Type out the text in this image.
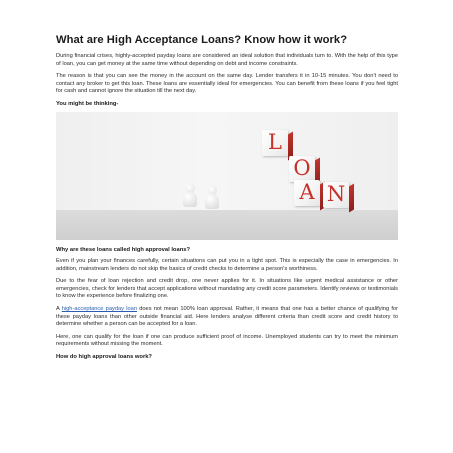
What are High Acceptance Loans? Know how it work?

During financial crises, highly-accepted payday loans are considered an ideal solution that individuals turn to. With the help of this type of loan, you can get money at the same time without depending on debt and income constraints.

The reason is that you can see the money in the account on the same day. Lender transfers it in 10-15 minutes. You don't need to contact any broker to get this loan. These loans are essentially ideal for emergencies. You can benefit from these loans if you feel tight for cash and cannot ignore the situation till the next day.

You might be thinking-
L
O
A N
Why are these loans called high approval loans?

Even if you plan your finances carefully, certain situations can put you in a tight spot. This is especially the case in emergencies. In addition, mainstream lenders do not skip the basics of credit checks to determine a person's worthiness.

Due to the fear of loan rejection and credit drop, one never applies for it. In situations like urgent medical assistance or other emergencies, check for lenders that accept applications without mandating any credit score parameters. Identify reviews or testimonials to know the experience before finalizing one.

A high-acceptance payday loan does not mean 100% loan approval. Rather, it means that one has a better chance of qualifying for these payday loans than other outside financial aid. Here lenders analyse different criteria than credit score and credit history to determine whether a person can be accepted for a loan.

Here, one can qualify for the loan if one can produce sufficient proof of income. Unemployed students can try to meet the minimum requirements without missing the moment.

How do high approval loans work?
